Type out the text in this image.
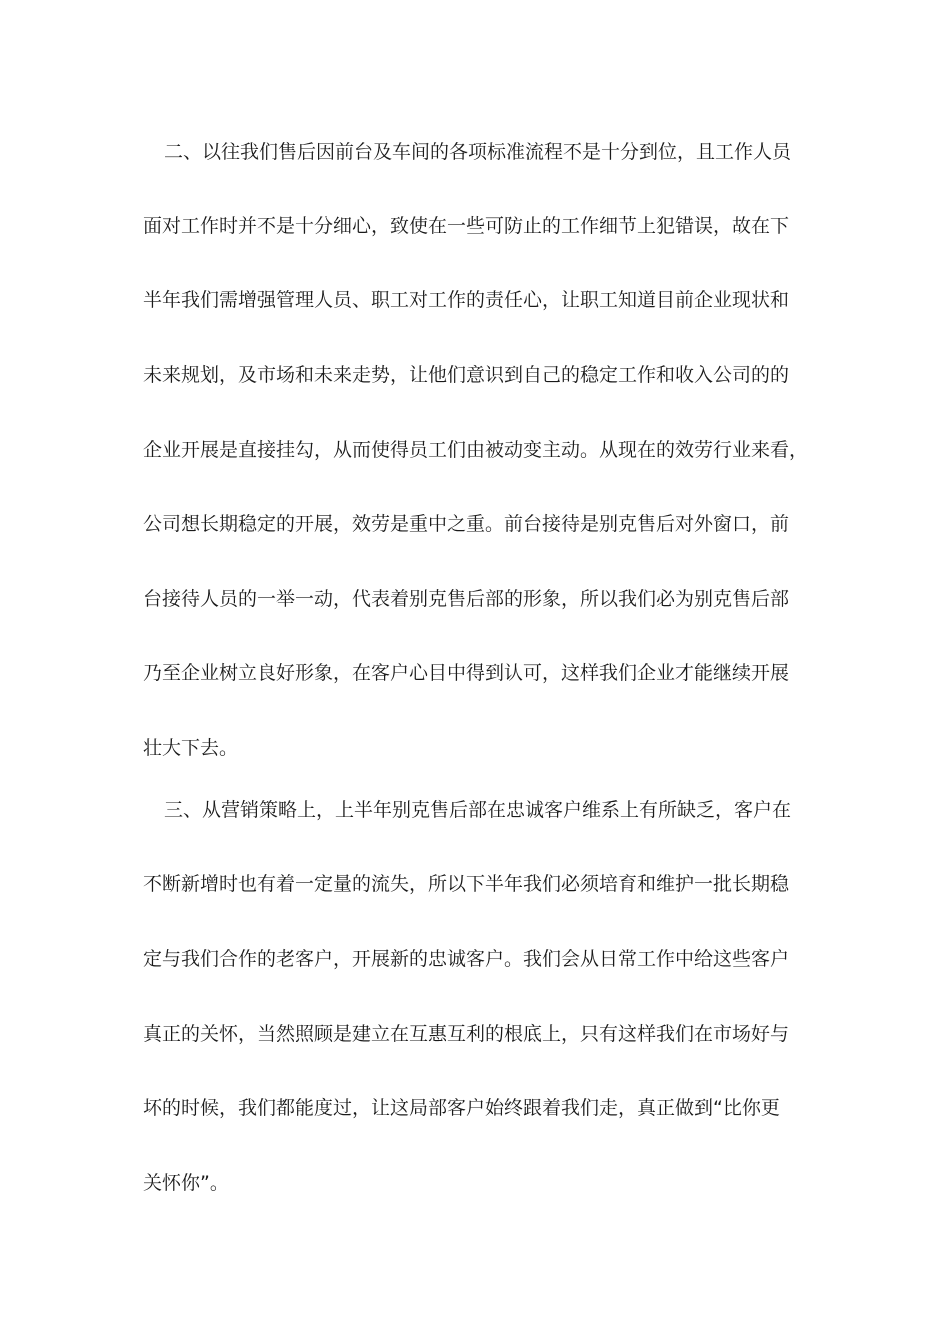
二、以往我们售后因前台及车间的各项标准流程不是十分到位，且工作人员
面对工作时并不是十分细心，致使在一些可防止的工作细节上犯错误，故在下
半年我们需增强管理人员、职工对工作的责任心，让职工知道目前企业现状和
未来规划，及市场和未来走势，让他们意识到自己的稳定工作和收入公司的的
企业开展是直接挂勾，从而使得员工们由被动变主动。从现在的效劳行业来看，
公司想长期稳定的开展，效劳是重中之重。前台接待是别克售后对外窗口，前
台接待人员的一举一动，代表着别克售后部的形象，所以我们必为别克售后部
乃至企业树立良好形象，在客户心目中得到认可，这样我们企业才能继续开展
壮大下去。
三、从营销策略上，上半年别克售后部在忠诚客户维系上有所缺乏，客户在
不断新增时也有着一定量的流失，所以下半年我们必须培育和维护一批长期稳
定与我们合作的老客户，开展新的忠诚客户。我们会从日常工作中给这些客户
真正的关怀，当然照顾是建立在互惠互利的根底上，只有这样我们在市场好与
坏的时候，我们都能度过，让这局部客户始终跟着我们走，真正做到“比你更
关怀你”。
